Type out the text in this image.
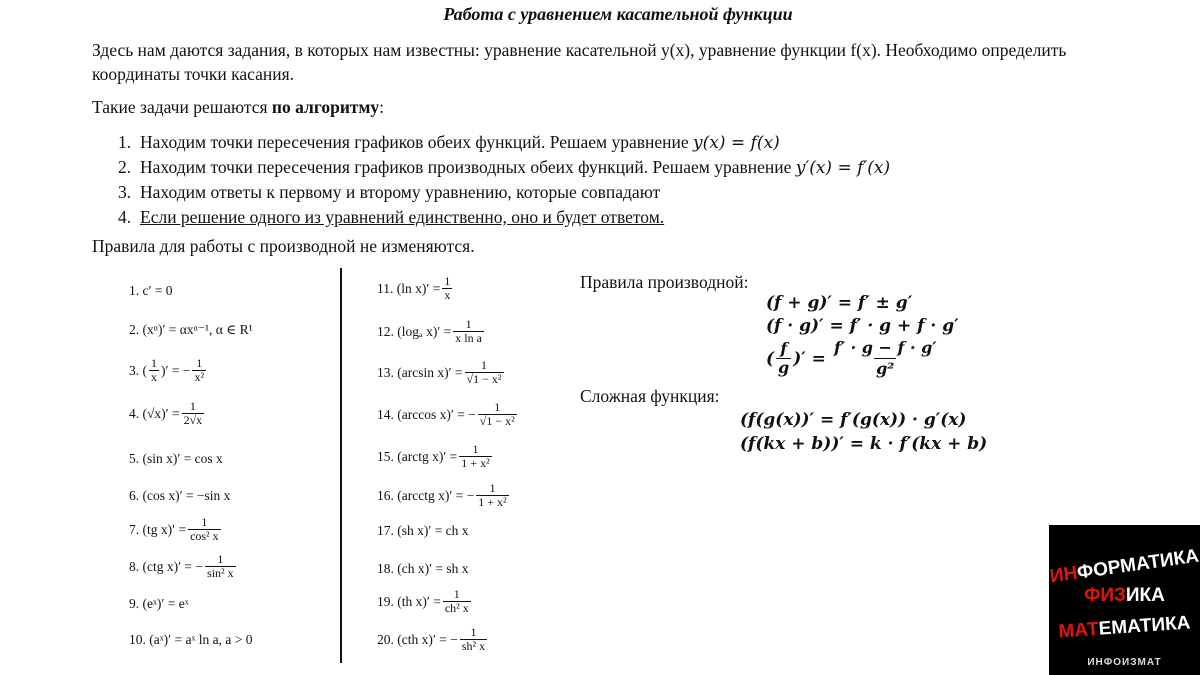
Работа с уравнением касательной функции
Здесь нам даются задания, в которых нам известны: уравнение касательной y(x), уравнение функции f(x). Необходимо определить координаты точки касания.
Такие задачи решаются по алгоритму:
1. Находим точки пересечения графиков обеих функций. Решаем уравнение y(x) = f(x)
2. Находим точки пересечения графиков производных обеих функций. Решаем уравнение y′(x) = f′(x)
3. Находим ответы к первому и второму уравнению, которые совпадают
4. Если решение одного из уравнений единственно, оно и будет ответом.
Правила для работы с производной не изменяются.
1. c′ = 0
2. (xᵅ)′ = αxᵅ⁻¹, α ∈ R¹
3. ( $\frac{1}{x}$ )′ = − $\frac{1}{\text{x²}}$
4. $(√x)' = \frac{1}{2√x}$
5. (sin x)′ = cos x
6. (cos x)′ = −sin x
7. (tg $x)' = \frac{1}{\text{cos² x}}$
8. (ctg x)′ = − $\frac{1}{\text{sin² x}}$
9. (eˣ)′ = eˣ
10. (aˣ)′ = aˣ ln a, a > 0
11. (ln $x)' = \frac{1}{x}$
12. (logₐ $x)' = \frac{1}{\text{x ln a}}$
13. (arcsin $x)' = \frac{1}{\text{√1 − x²}}$
14. (arccos x)′ = − $\frac{1}{\text{√1 − x²}}$
15. (arctg $x)' = \frac{1}{\text{1 + x²}}$
16. (arcctg x)′ = − $\frac{1}{\text{1 + x²}}$
17. (sh x)′ = ch x
18. (ch x)′ = sh x
19. (th $x)' = \frac{1}{\text{ch² x}}$
20. (cth x)′ = − $\frac{1}{\text{sh² x}}$
Правила производной:
(f + g)′ = f′ ± g′
(f · g)′ = f′ · g + f · g′
( $\frac{f}{g}$ )′ = $\frac{f' \cdot g - f \cdot g'}{\text{g²}}$
Сложная функция:
(f(g(x))′ = f′(g(x)) · g′(x)
(f(kx + b))′ = k · f′(kx + b)
ИНФОРМАТИКА
ФИЗИКА
МАТЕМАТИКА
ИНФОИЗМАТ
